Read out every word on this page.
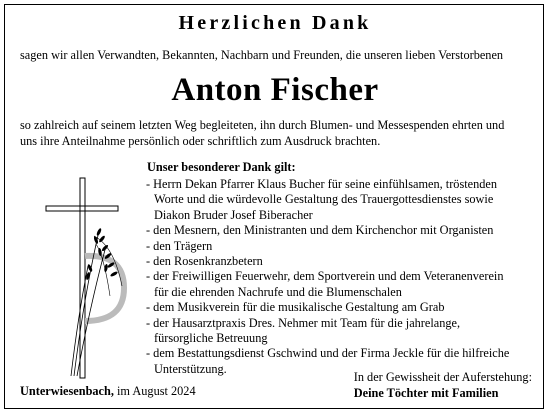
Herzlichen Dank
sagen wir allen Verwandten, Bekannten, Nachbarn und Freunden, die unseren lieben Verstorbenen
Anton Fischer
so zahlreich auf seinem letzten Weg begleiteten, ihn durch Blumen- und Messespenden ehrten und
uns ihre Anteilnahme persönlich oder schriftlich zum Ausdruck brachten.
Unser besonderer Dank gilt:
- Herrn Dekan Pfarrer Klaus Bucher für seine einfühlsamen, tröstenden
Worte und die würdevolle Gestaltung des Trauergottesdienstes sowie
Diakon Bruder Josef Biberacher
- den Mesnern, den Ministranten und dem Kirchenchor mit Organisten
- den Trägern
- den Rosenkranzbetern
- der Freiwilligen Feuerwehr, dem Sportverein und dem Veteranenverein
für die ehrenden Nachrufe und die Blumenschalen
- dem Musikverein für die musikalische Gestaltung am Grab
- der Hausarztpraxis Dres. Nehmer mit Team für die jahrelange,
fürsorgliche Betreuung
- dem Bestattungsdienst Gschwind und der Firma Jeckle für die hilfreiche
Unterstützung.
Unterwiesenbach, im August 2024
In der Gewissheit der Auferstehung:
Deine Töchter mit Familien
